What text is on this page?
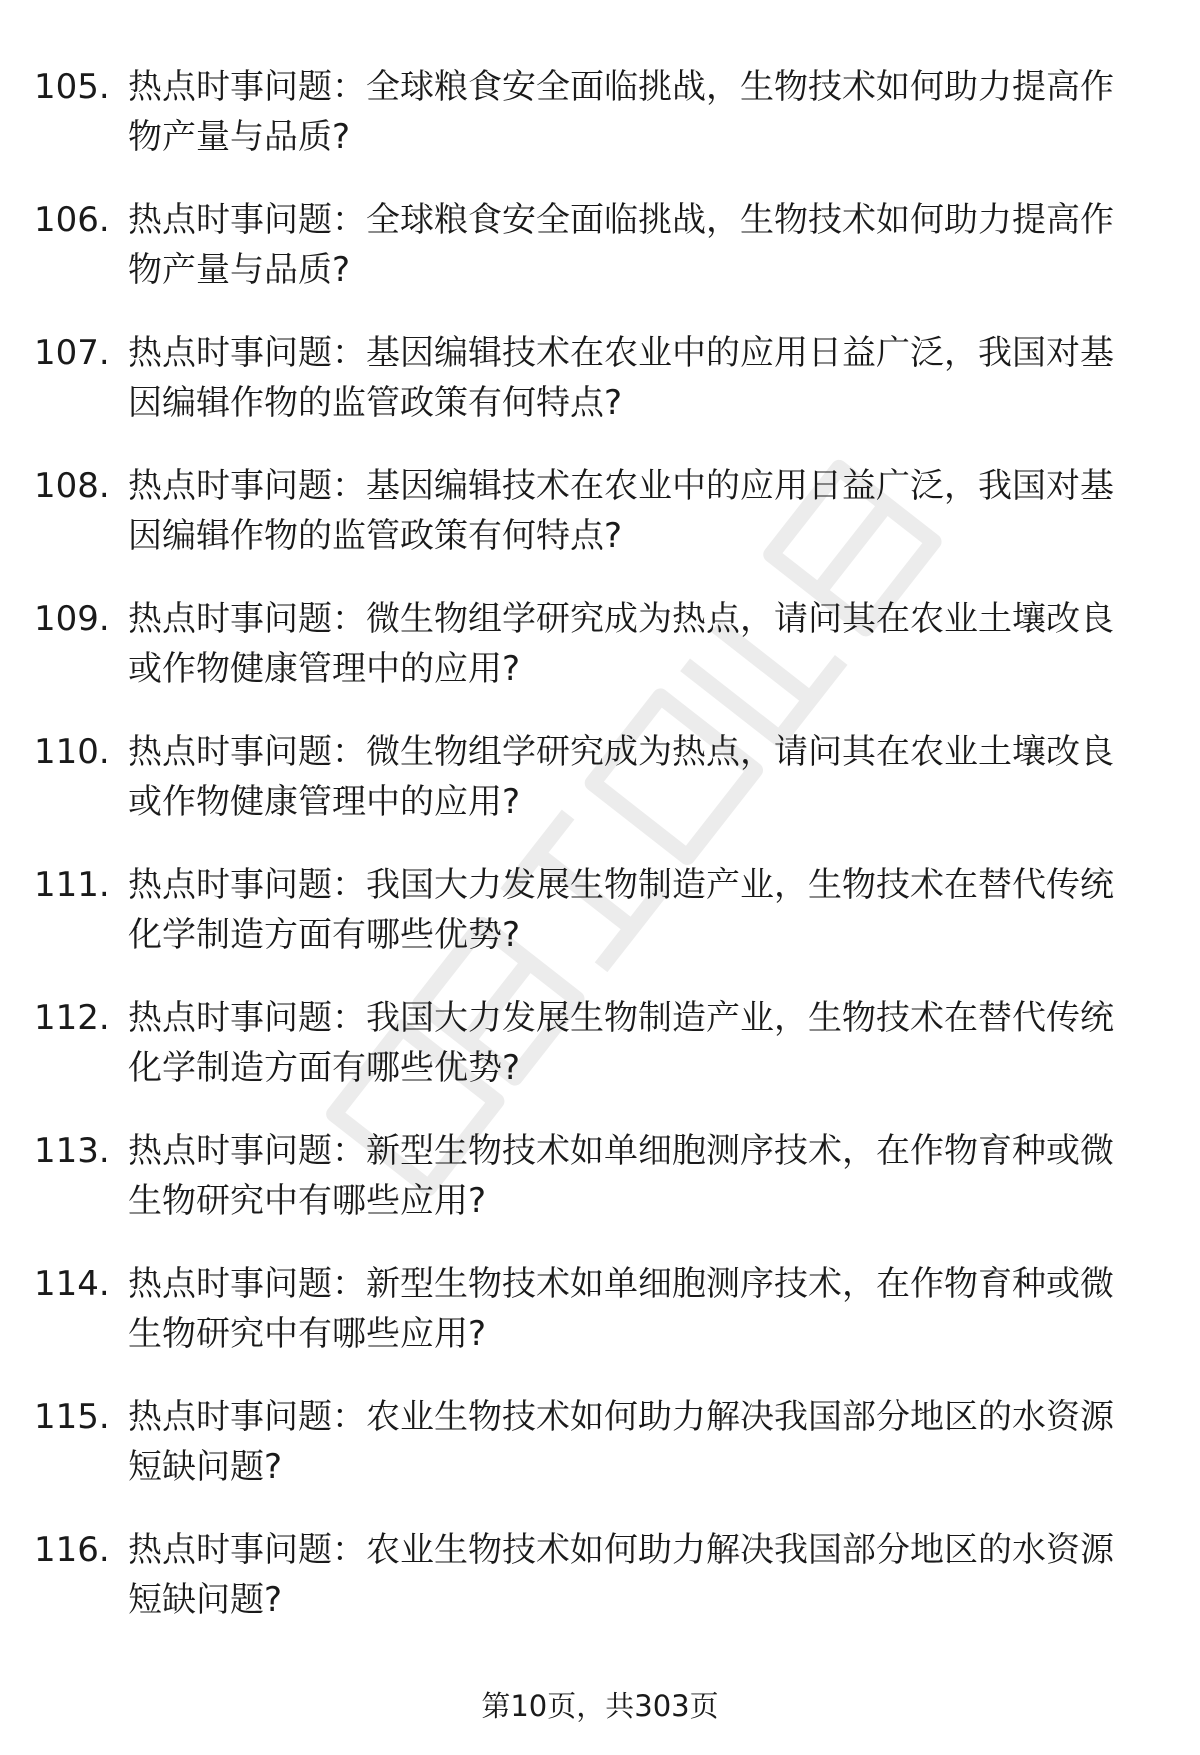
105. 热点时事问题：全球粮食安全面临挑战，生物技术如何助力提高作物产量与品质?
106. 热点时事问题：全球粮食安全面临挑战，生物技术如何助力提高作物产量与品质?
107. 热点时事问题：基因编辑技术在农业中的应用日益广泛，我国对基因编辑作物的监管政策有何特点?
108. 热点时事问题：基因编辑技术在农业中的应用日益广泛，我国对基因编辑作物的监管政策有何特点?
109. 热点时事问题：微生物组学研究成为热点，请问其在农业土壤改良或作物健康管理中的应用?
110. 热点时事问题：微生物组学研究成为热点，请问其在农业土壤改良或作物健康管理中的应用?
111. 热点时事问题：我国大力发展生物制造产业，生物技术在替代传统化学制造方面有哪些优势?
112. 热点时事问题：我国大力发展生物制造产业，生物技术在替代传统化学制造方面有哪些优势?
113. 热点时事问题：新型生物技术如单细胞测序技术，在作物育种或微生物研究中有哪些应用?
114. 热点时事问题：新型生物技术如单细胞测序技术，在作物育种或微生物研究中有哪些应用?
115. 热点时事问题：农业生物技术如何助力解决我国部分地区的水资源短缺问题?
116. 热点时事问题：农业生物技术如何助力解决我国部分地区的水资源短缺问题?
第10页，共303页
